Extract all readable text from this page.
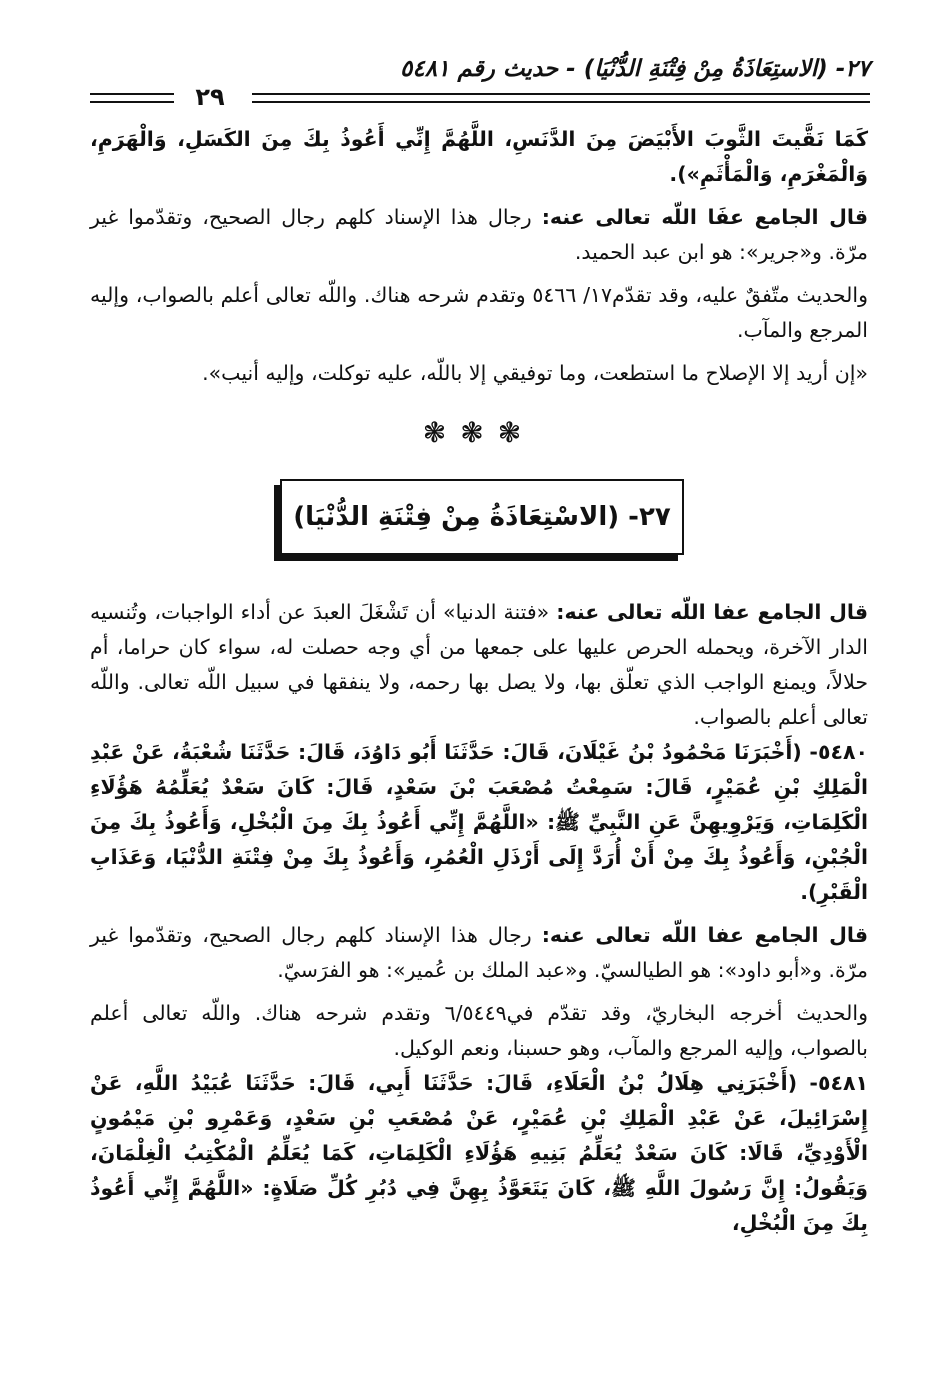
٢٧- (الاستِعَاذَةُ مِنْ فِتْنَةِ الدُّنْيَا) - حديث رقم ٥٤٨١
٢٩

كَمَا نَقَّيتَ الثَّوبَ الأَبْيَضَ مِنَ الدَّنَسِ، اللَّهُمَّ إِنِّي أَعُوذُ بِكَ مِنَ الكَسَلِ، وَالْهَرَمِ، وَالْمَغْرَمِ، وَالْمَأْثَمِ»).

قال الجامع عفَا اللّه تعالى عنه: رجال هذا الإسناد كلهم رجال الصحيح، وتقدّموا غير مرّة. و«جرير»: هو ابن عبد الحميد.

والحديث متّفقٌ عليه، وقد تقدّم١٧/ ٥٤٦٦ وتقدم شرحه هناك. واللّه تعالى أعلم بالصواب، وإليه المرجع والمآب.

«إن أريد إلا الإصلاح ما استطعت، وما توفيقي إلا باللّه، عليه توكلت، وإليه أنيب».

❃❃❃
٢٧- (الاسْتِعَاذَةُ مِنْ فِتْنَةِ الدُّنْيَا)

قال الجامع عفا اللّه تعالى عنه: «فتنة الدنيا» أن تَشْغَلَ العبدَ عن أداء الواجبات، وتُنسيه الدار الآخرة، ويحمله الحرص عليها على جمعها من أي وجه حصلت له، سواء كان حراما، أم حلالاً، ويمنع الواجب الذي تعلّق بها، ولا يصل بها رحمه، ولا ينفقها في سبيل اللّه تعالى. واللّه تعالى أعلم بالصواب.

٥٤٨٠- (أَخْبَرَنَا مَحْمُودُ بْنُ غَيْلَانَ، قَالَ: حَدَّثَنَا أَبُو دَاوُدَ، قَالَ: حَدَّثَنَا شُعْبَةُ، عَنْ عَبْدِ الْمَلِكِ بْنِ عُمَيْرٍ، قَالَ: سَمِعْتُ مُصْعَبَ بْنَ سَعْدٍ، قَالَ: كَانَ سَعْدٌ يُعَلِّمُهُ هَؤُلَاءِ الْكَلِمَاتِ، وَيَرْوِيهِنَّ عَنِ النَّبِيِّ ﷺ: «اللَّهُمَّ إِنِّي أَعُوذُ بِكَ مِنَ الْبُخْلِ، وَأَعُوذُ بِكَ مِنَ الْجُبْنِ، وَأَعُوذُ بِكَ مِنْ أَنْ أُرَدَّ إِلَى أَرْذَلِ الْعُمُرِ، وَأَعُوذُ بِكَ مِنْ فِتْنَةِ الدُّنْيَا، وَعَذَابِ الْقَبْرِ).

قال الجامع عفا اللّه تعالى عنه: رجال هذا الإسناد كلهم رجال الصحيح، وتقدّموا غير مرّة. و«أبو داود»: هو الطيالسيّ. و«عبد الملك بن عُمير»: هو الفرَسيّ.

والحديث أخرجه البخاريّ، وقد تقدّم في٦/٥٤٤٩ وتقدم شرحه هناك. واللّه تعالى أعلم بالصواب، وإليه المرجع والمآب، وهو حسبنا، ونعم الوكيل.

٥٤٨١- (أَخْبَرَنِي هِلَالُ بْنُ الْعَلَاءِ، قَالَ: حَدَّثَنَا أَبِي، قَالَ: حَدَّثَنَا عُبَيْدُ اللَّهِ، عَنْ إِسْرَائِيلَ، عَنْ عَبْدِ الْمَلِكِ بْنِ عُمَيْرٍ، عَنْ مُصْعَبِ بْنِ سَعْدٍ، وَعَمْرِو بْنِ مَيْمُونٍ الْأَوْدِيِّ، قَالَا: كَانَ سَعْدٌ يُعَلِّمُ بَنِيهِ هَؤُلَاءِ الْكَلِمَاتِ، كَمَا يُعَلِّمُ الْمُكْتِبُ الْغِلْمَانَ، وَيَقُولُ: إِنَّ رَسُولَ اللَّهِ ﷺ، كَانَ يَتَعَوَّذُ بِهِنَّ فِي دُبُرِ كُلِّ صَلَاةٍ: «اللَّهُمَّ إِنِّي أَعُوذُ بِكَ مِنَ الْبُخْلِ،
